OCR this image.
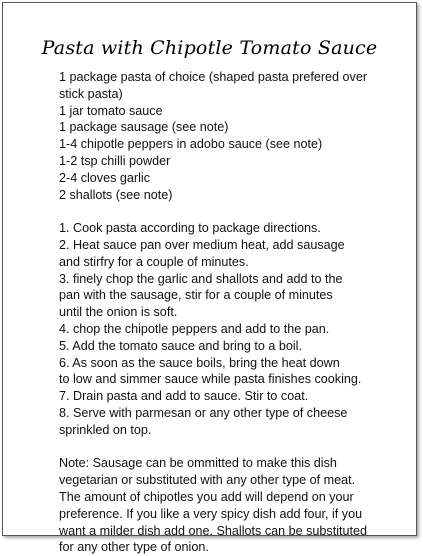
Pasta with Chipotle Tomato Sauce
1 package pasta of choice (shaped pasta prefered over
stick pasta)
1 jar tomato sauce
1 package sausage (see note)
1-4 chipotle peppers in adobo sauce (see note)
1-2 tsp chilli powder
2-4 cloves garlic
2 shallots (see note)
1. Cook pasta according to package directions.
2. Heat sauce pan over medium heat, add sausage
and stirfry for a couple of minutes.
3. finely chop the garlic and shallots and add to the
pan with the sausage, stir for a couple of minutes
until the onion is soft.
4. chop the chipotle peppers and add to the pan.
5. Add the tomato sauce and bring to a boil.
6. As soon as the sauce boils, bring the heat down
to low and simmer sauce while pasta finishes cooking.
7. Drain pasta and add to sauce. Stir to coat.
8. Serve with parmesan or any other type of cheese
sprinkled on top.
Note: Sausage can be ommitted to make this dish
vegetarian or substituted with any other type of meat.
The amount of chipotles you add will depend on your
preference. If you like a very spicy dish add four, if you
want a milder dish add one. Shallots can be substituted
for any other type of onion.
